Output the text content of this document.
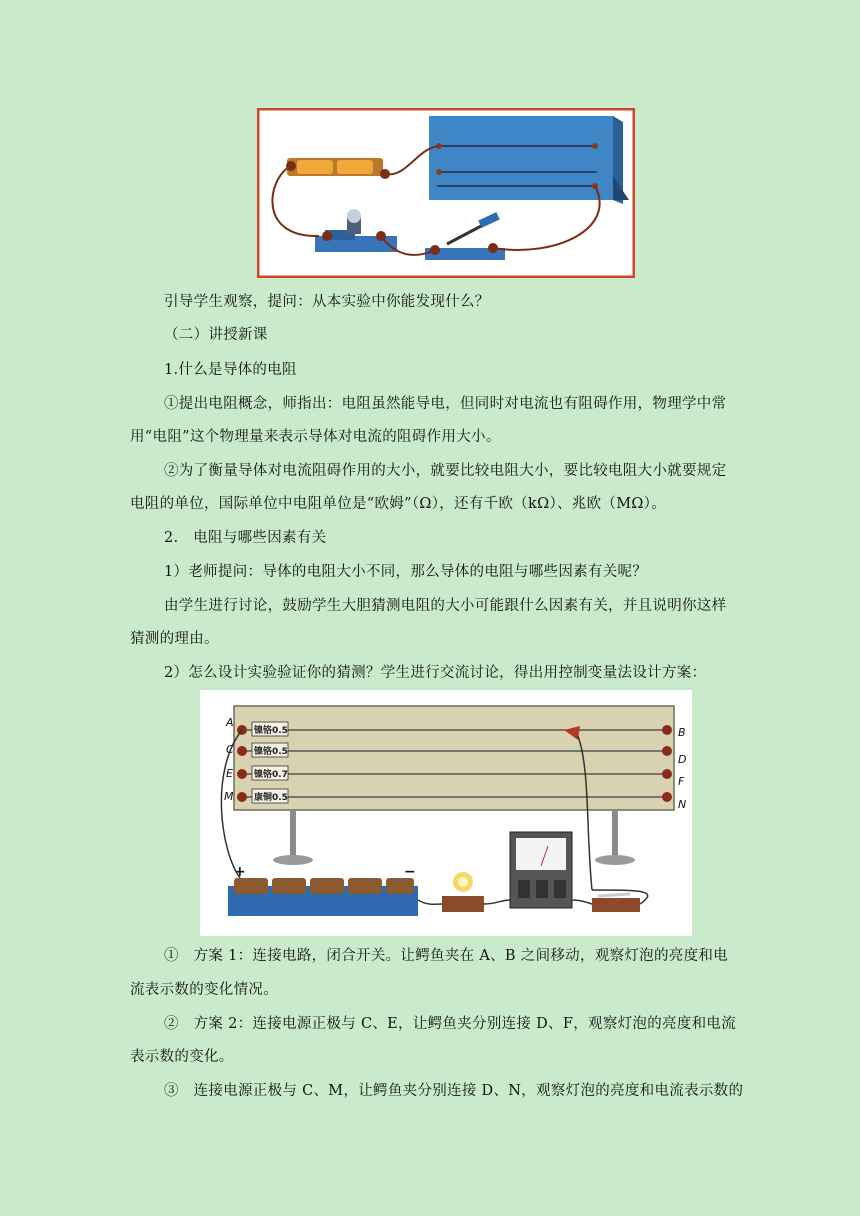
引导学生观察，提问：从本实验中你能发现什么？

（二）讲授新课

1.什么是导体的电阻

①提出电阻概念，师指出：电阻虽然能导电，但同时对电流也有阻碍作用，物理学中常

用“电阻”这个物理量来表示导体对电流的阻碍作用大小。

②为了衡量导体对电流阻碍作用的大小，就要比较电阻大小，要比较电阻大小就要规定

电阻的单位，国际单位中电阻单位是“欧姆”（Ω），还有千欧（kΩ）、兆欧（MΩ）。

2.　电阻与哪些因素有关

1）老师提问：导体的电阻大小不同，那么导体的电阻与哪些因素有关呢？

由学生进行讨论，鼓励学生大胆猜测电阻的大小可能跟什么因素有关，并且说明你这样

猜测的理由。

2）怎么设计实验验证你的猜测？学生进行交流讨论，得出用控制变量法设计方案：

镍铬0.5
镍铬0.5
镍铬0.7
康铜0.5
A
C
E
M
B
D
F
N
+	−

①　方案 1：连接电路，闭合开关。让鳄鱼夹在 A、B 之间移动，观察灯泡的亮度和电

流表示数的变化情况。

②　方案 2：连接电源正极与 C、E，让鳄鱼夹分别连接 D、F，观察灯泡的亮度和电流

表示数的变化。

③　连接电源正极与 C、M，让鳄鱼夹分别连接 D、N，观察灯泡的亮度和电流表示数的
